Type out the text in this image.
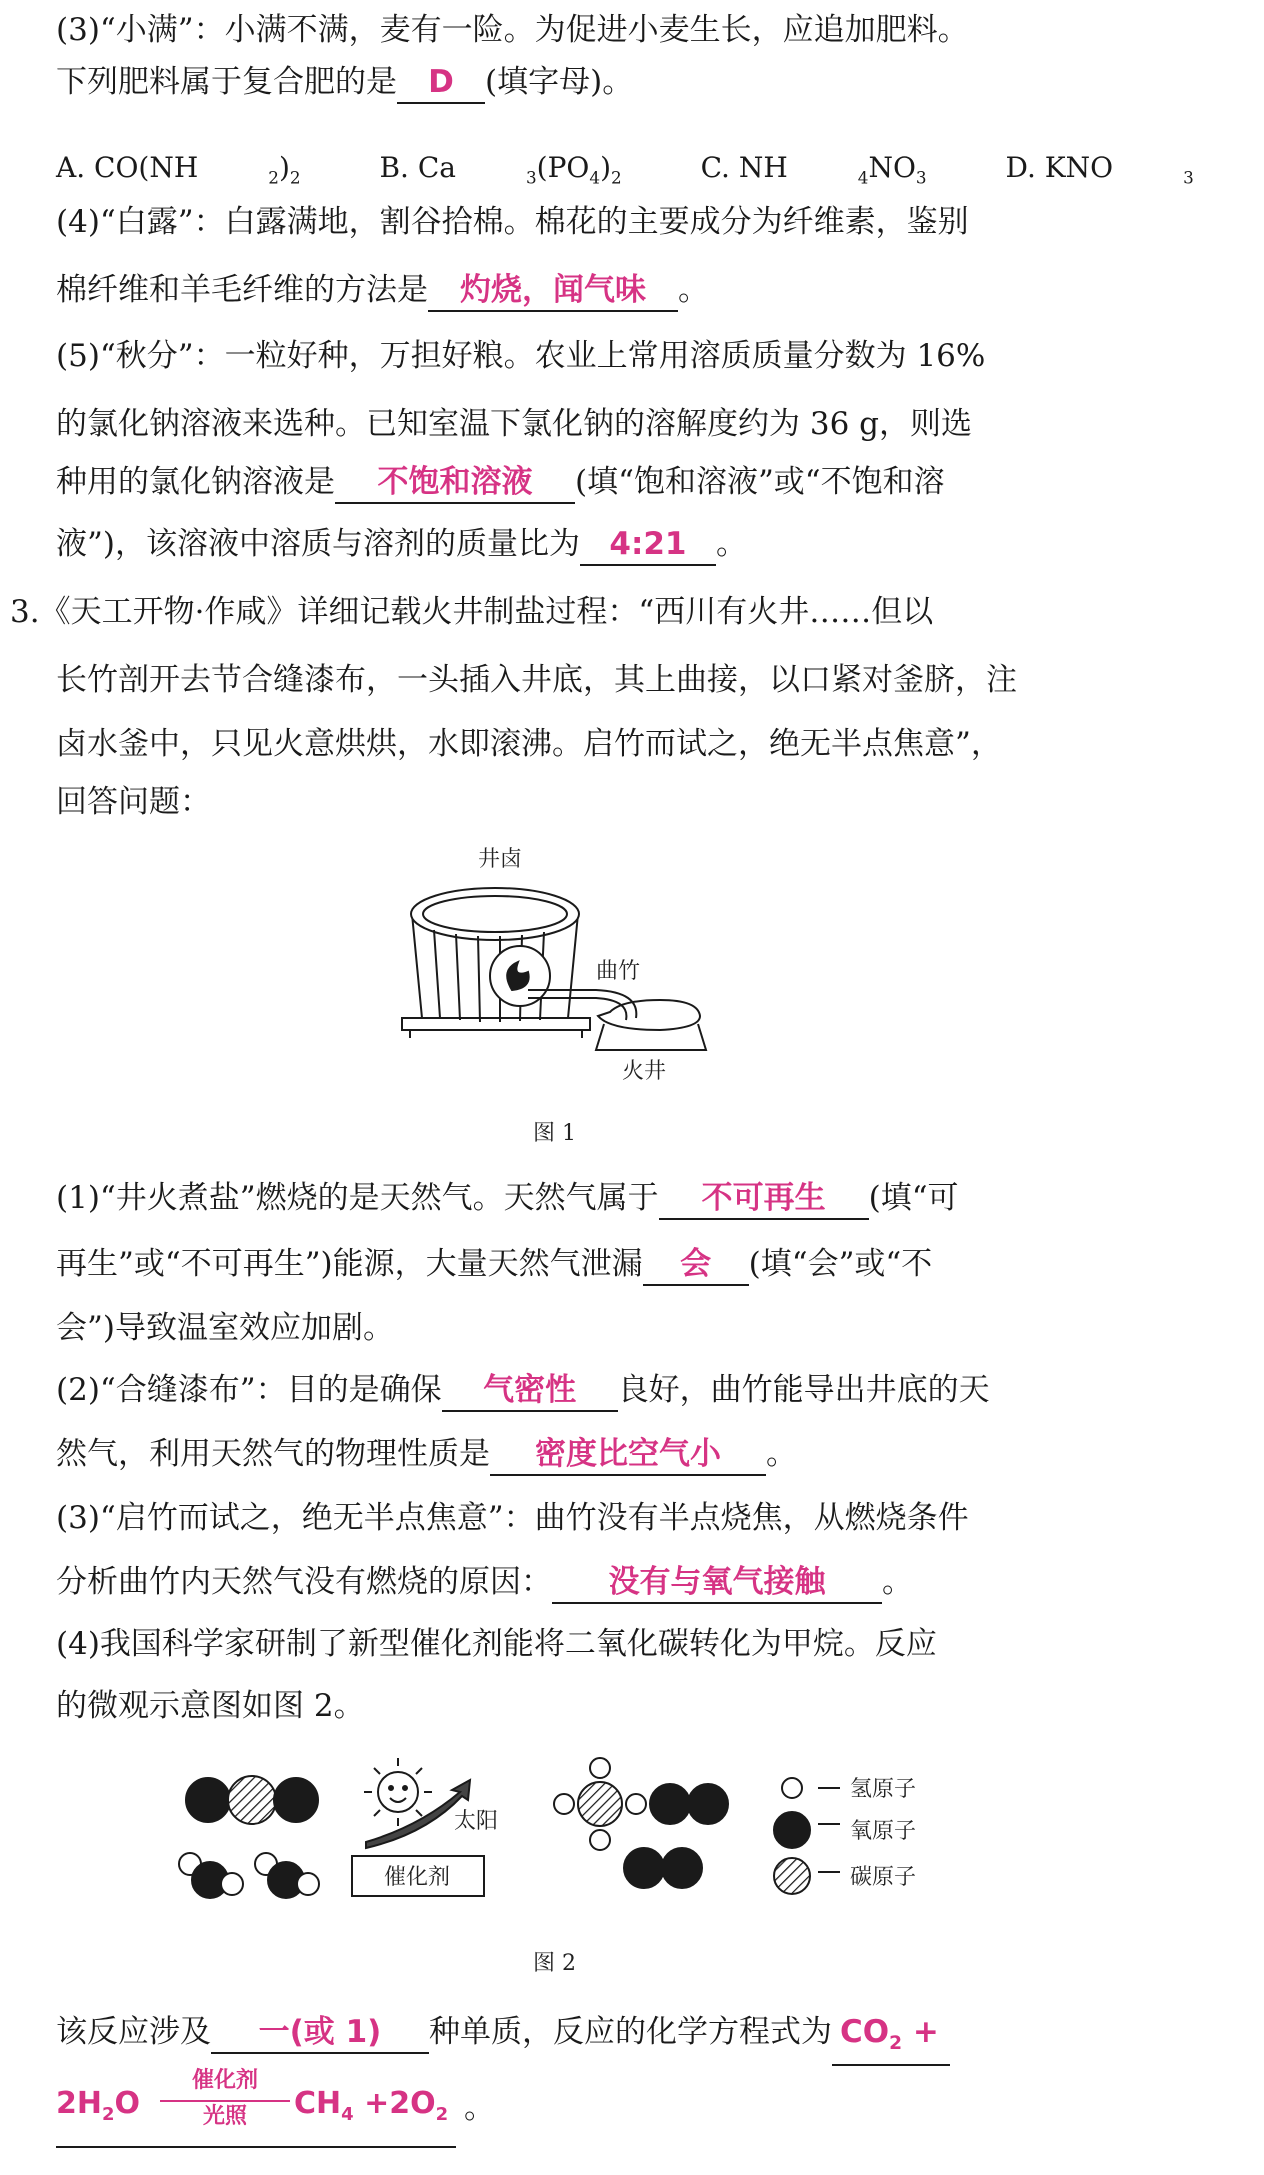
(3)“小满”：小满不满，麦有一险。为促进小麦生长，应追加肥料。
下列肥料属于复合肥的是 D (填字母)。
A. CO(NH	$_2)_2$	B. Ca	$_3(PO_4)_2$	C. NH	$_4NO_3$	D. KNO	$_3$
(4)“白露”：白露满地，割谷拾棉。棉花的主要成分为纤维素，鉴别
棉纤维和羊毛纤维的方法是 灼烧，闻气味 。
(5)“秋分”：一粒好种，万担好粮。农业上常用溶质质量分数为 16%
的氯化钠溶液来选种。已知室温下氯化钠的溶解度约为 36 g，则选
种用的氯化钠溶液是 不饱和溶液 (填“饱和溶液”或“不饱和溶
液”)，该溶液中溶质与溶剂的质量比为 4:21 。
3.《天工开物·作咸》详细记载火井制盐过程：“西川有火井……但以
长竹剖开去节合缝漆布，一头插入井底，其上曲接，以口紧对釜脐，注
卤水釜中，只见火意烘烘，水即滚沸。启竹而试之，绝无半点焦意”，
回答问题：
井卤
曲竹
火井
图 1
(1)“井火煮盐”燃烧的是天然气。天然气属于 不可再生 (填“可
再生”或“不可再生”)能源，大量天然气泄漏 会 (填“会”或“不
会”)导致温室效应加剧。
(2)“合缝漆布”：目的是确保 气密性 良好，曲竹能导出井底的天
然气，利用天然气的物理性质是 密度比空气小 。
(3)“启竹而试之，绝无半点焦意”：曲竹没有半点烧焦，从燃烧条件
分析曲竹内天然气没有燃烧的原因： 没有与氧气接触 。
(4)我国科学家研制了新型催化剂能将二氧化碳转化为甲烷。反应
的微观示意图如图 2。
太阳
催化剂
氢原子
氧原子
碳原子
图 2
该反应涉及 一(或 1) 种单质，反应的化学方程式为 $CO_2$ +
$2H_2O$
催化剂
光照	$CH_4 +2O_2$ 。
